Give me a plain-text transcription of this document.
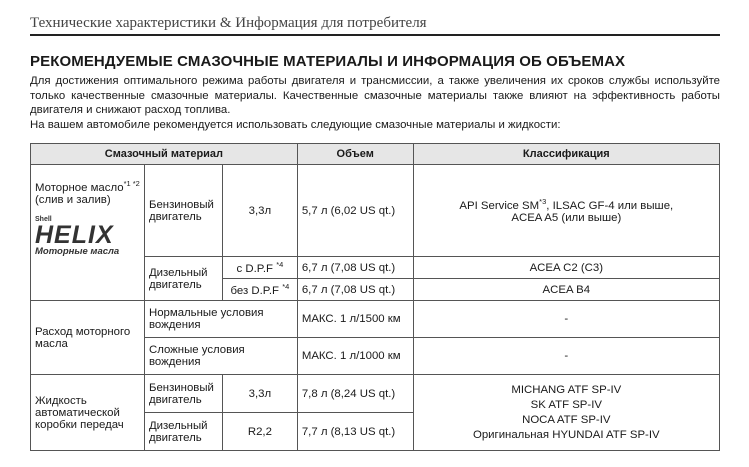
Технические характеристики & Информация для потребителя
РЕКОМЕНДУЕМЫЕ СМАЗОЧНЫЕ МАТЕРИАЛЫ И ИНФОРМАЦИЯ ОБ ОБЪЕМАХ

Для достижения оптимального режима работы двигателя и трансмиссии, а также увеличения их сроков службы используйте только качественные смазочные материалы. Качественные смазочные материалы также влияют на эффективность работы двигателя и снижают расход топлива.

На вашем автомобиле рекомендуется использовать следующие смазочные материалы и жидкости:

Смазочный материал			Объем	Классификация
Моторное масло$^{*1 *2}$
(слив и залив)
Shell
HELIX
Моторные масла	Бензиновый двигатель	3,3л	5,7 л (6,02 US qt.)	API Service SM$^{*3}$, ILSAC GF-4 или выше,
ACEA A5 (или выше)
	Дизельный двигатель	с D.P.F $^{*4}$	6,7 л (7,08 US qt.)	ACEA C2 (C3)
		без D.P.F $^{*4}$	6,7 л (7,08 US qt.)	ACEA B4
Расход моторного масла	Нормальные условия вождения		МАКС. 1 л/1500 км	-
	Сложные условия вождения		МАКС. 1 л/1000 км	-
Жидкость автоматической коробки передач	Бензиновый двигатель	3,3л	7,8 л (8,24 US qt.)	MICHANG ATF SP-IV
SK ATF SP-IV
NOCA ATF SP-IV
Оригинальная HYUNDAI ATF SP-IV
	Дизельный двигатель	R2,2	7,7 л (8,13 US qt.)	
